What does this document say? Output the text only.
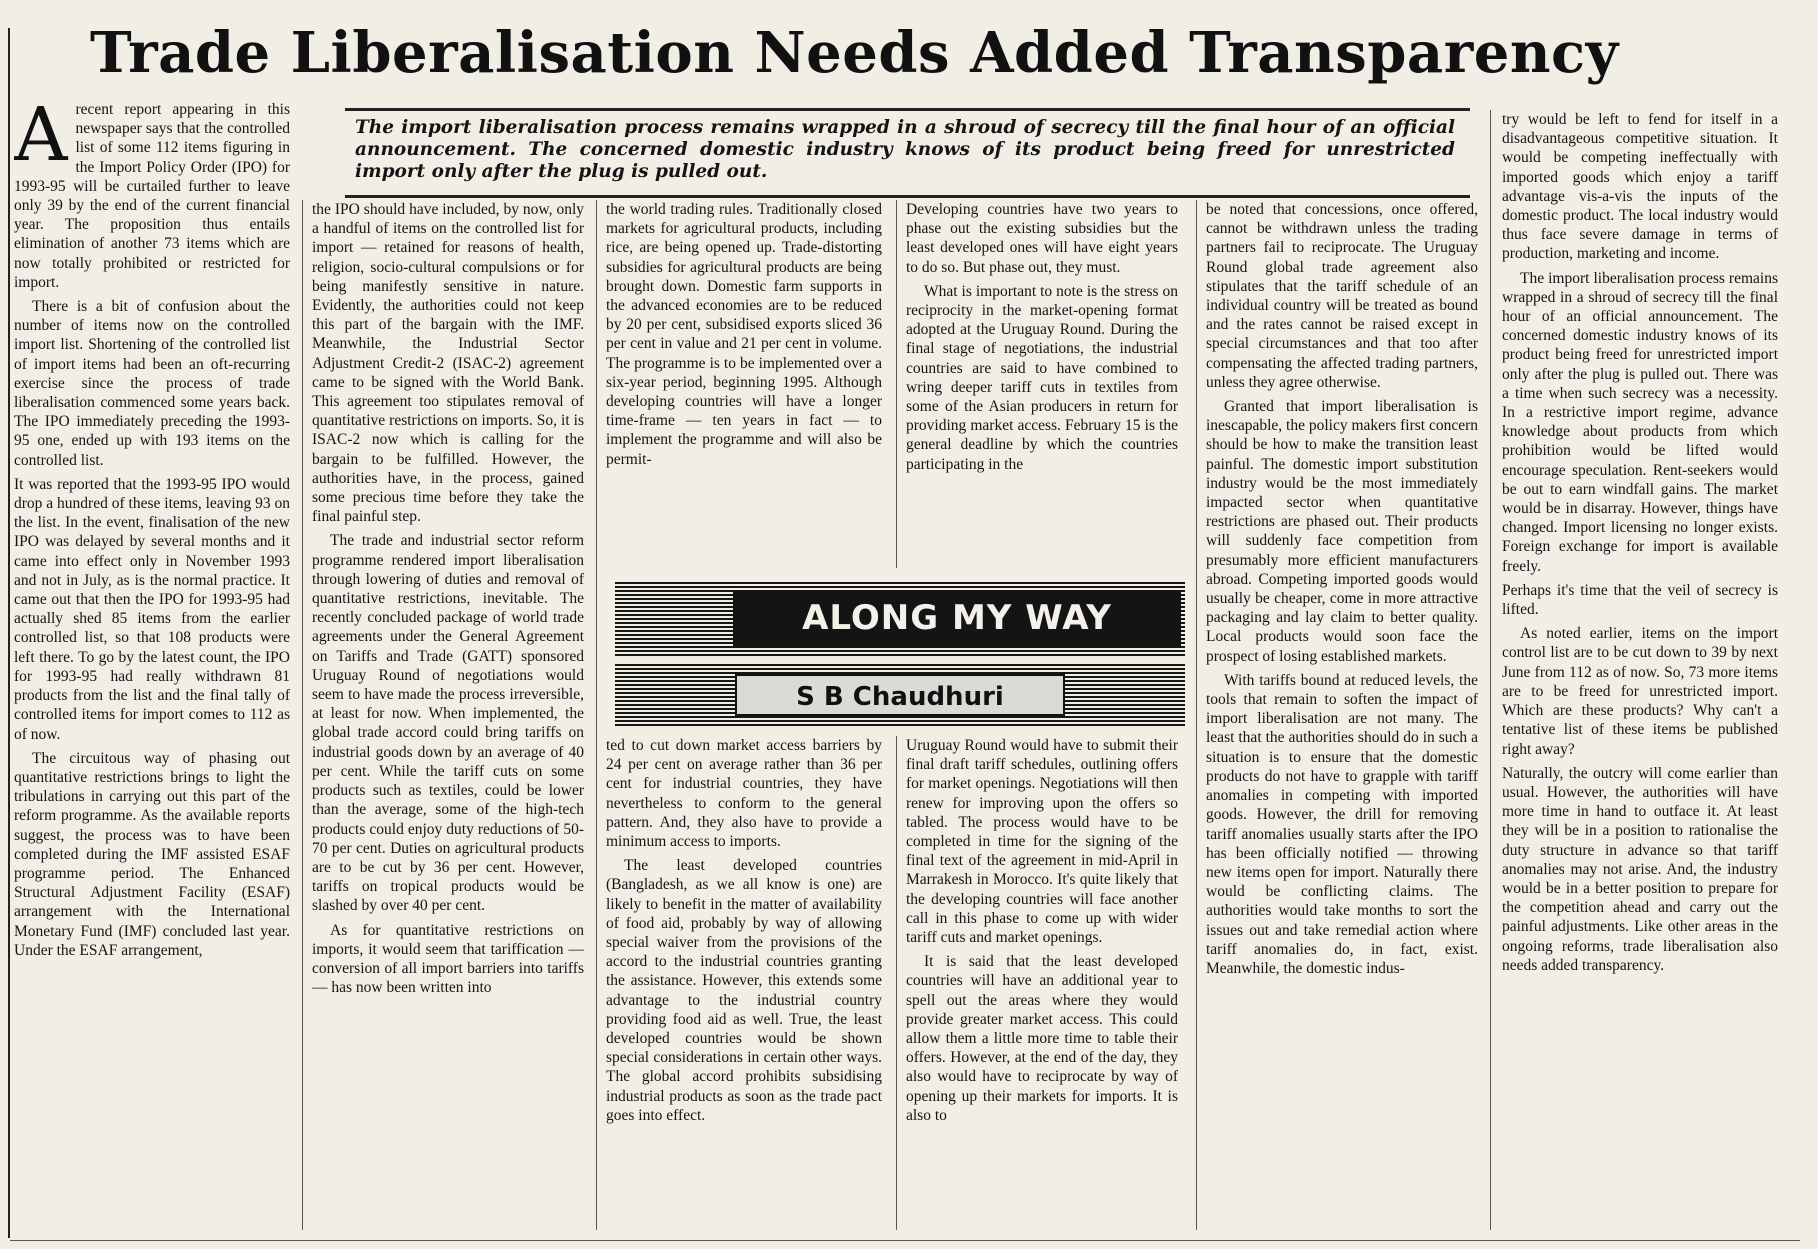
Trade Liberalisation Needs Added Transparency
A recent report appearing in this newspaper says that the controlled list of some 112 items figuring in the Import Policy Order (IPO) for 1993-95 will be curtailed further to leave only 39 by the end of the current financial year. The proposition thus entails elimination of another 73 items which are now totally prohibited or restricted for import.

There is a bit of confusion about the number of items now on the controlled import list. Shortening of the controlled list of import items had been an oft-recurring exercise since the process of trade liberalisation commenced some years back. The IPO immediately preceding the 1993-95 one, ended up with 193 items on the controlled list.

It was reported that the 1993-95 IPO would drop a hundred of these items, leaving 93 on the list. In the event, finalisation of the new IPO was delayed by several months and it came into effect only in November 1993 and not in July, as is the normal practice. It came out that then the IPO for 1993-95 had actually shed 85 items from the earlier controlled list, so that 108 products were left there. To go by the latest count, the IPO for 1993-95 had really withdrawn 81 products from the list and the final tally of controlled items for import comes to 112 as of now.

The circuitous way of phasing out quantitative restrictions brings to light the tribulations in carrying out this part of the reform programme. As the available reports suggest, the process was to have been completed during the IMF assisted ESAF programme period. The Enhanced Structural Adjustment Facility (ESAF) arrangement with the International Monetary Fund (IMF) concluded last year. Under the ESAF arrangement,

The import liberalisation process remains wrapped in a shroud of secrecy till the final hour of an official announcement. The concerned domestic industry knows of its product being freed for unrestricted import only after the plug is pulled out.

the IPO should have included, by now, only a handful of items on the controlled list for import — retained for reasons of health, religion, socio-cultural compulsions or for being manifestly sensitive in nature. Evidently, the authorities could not keep this part of the bargain with the IMF. Meanwhile, the Industrial Sector Adjustment Credit-2 (ISAC-2) agreement came to be signed with the World Bank. This agreement too stipulates removal of quantitative restrictions on imports. So, it is ISAC-2 now which is calling for the bargain to be fulfilled. However, the authorities have, in the process, gained some precious time before they take the final painful step.

The trade and industrial sector reform programme rendered import liberalisation through lowering of duties and removal of quantitative restrictions, inevitable. The recently concluded package of world trade agreements under the General Agreement on Tariffs and Trade (GATT) sponsored Uruguay Round of negotiations would seem to have made the process irreversible, at least for now. When implemented, the global trade accord could bring tariffs on industrial goods down by an average of 40 per cent. While the tariff cuts on some products such as textiles, could be lower than the average, some of the high-tech products could enjoy duty reductions of 50-70 per cent. Duties on agricultural products are to be cut by 36 per cent. However, tariffs on tropical products would be slashed by over 40 per cent.

As for quantitative restrictions on imports, it would seem that tariffication — conversion of all import barriers into tariffs — has now been written into

the world trading rules. Traditionally closed markets for agricultural products, including rice, are being opened up. Trade-distorting subsidies for agricultural products are being brought down. Domestic farm supports in the advanced economies are to be reduced by 20 per cent, subsidised exports sliced 36 per cent in value and 21 per cent in volume. The programme is to be implemented over a six-year period, beginning 1995. Although developing countries will have a longer time-frame — ten years in fact — to implement the programme and will also be permit-

Developing countries have two years to phase out the existing subsidies but the least developed ones will have eight years to do so. But phase out, they must.

What is important to note is the stress on reciprocity in the market-opening format adopted at the Uruguay Round. During the final stage of negotiations, the industrial countries are said to have combined to wring deeper tariff cuts in textiles from some of the Asian producers in return for providing market access. February 15 is the general deadline by which the countries participating in the

ALONG MY WAY
S B Chaudhuri

ted to cut down market access barriers by 24 per cent on average rather than 36 per cent for industrial countries, they have nevertheless to conform to the general pattern. And, they also have to provide a minimum access to imports.

The least developed countries (Bangladesh, as we all know is one) are likely to benefit in the matter of availability of food aid, probably by way of allowing special waiver from the provisions of the accord to the industrial countries granting the assistance. However, this extends some advantage to the industrial country providing food aid as well. True, the least developed countries would be shown special considerations in certain other ways. The global accord prohibits subsidising industrial products as soon as the trade pact goes into effect.

Uruguay Round would have to submit their final draft tariff schedules, outlining offers for market openings. Negotiations will then renew for improving upon the offers so tabled. The process would have to be completed in time for the signing of the final text of the agreement in mid-April in Marrakesh in Morocco. It's quite likely that the developing countries will face another call in this phase to come up with wider tariff cuts and market openings.

It is said that the least developed countries will have an additional year to spell out the areas where they would provide greater market access. This could allow them a little more time to table their offers. However, at the end of the day, they also would have to reciprocate by way of opening up their markets for imports. It is also to

be noted that concessions, once offered, cannot be withdrawn unless the trading partners fail to reciprocate. The Uruguay Round global trade agreement also stipulates that the tariff schedule of an individual country will be treated as bound and the rates cannot be raised except in special circumstances and that too after compensating the affected trading partners, unless they agree otherwise.

Granted that import liberalisation is inescapable, the policy makers first concern should be how to make the transition least painful. The domestic import substitution industry would be the most immediately impacted sector when quantitative restrictions are phased out. Their products will suddenly face competition from presumably more efficient manufacturers abroad. Competing imported goods would usually be cheaper, come in more attractive packaging and lay claim to better quality. Local products would soon face the prospect of losing established markets.

With tariffs bound at reduced levels, the tools that remain to soften the impact of import liberalisation are not many. The least that the authorities should do in such a situation is to ensure that the domestic products do not have to grapple with tariff anomalies in competing with imported goods. However, the drill for removing tariff anomalies usually starts after the IPO has been officially notified — throwing new items open for import. Naturally there would be conflicting claims. The authorities would take months to sort the issues out and take remedial action where tariff anomalies do, in fact, exist. Meanwhile, the domestic indus-

try would be left to fend for itself in a disadvantageous competitive situation. It would be competing ineffectually with imported goods which enjoy a tariff advantage vis-a-vis the inputs of the domestic product. The local industry would thus face severe damage in terms of production, marketing and income.

The import liberalisation process remains wrapped in a shroud of secrecy till the final hour of an official announcement. The concerned domestic industry knows of its product being freed for unrestricted import only after the plug is pulled out. There was a time when such secrecy was a necessity. In a restrictive import regime, advance knowledge about products from which prohibition would be lifted would encourage speculation. Rent-seekers would be out to earn windfall gains. The market would be in disarray. However, things have changed. Import licensing no longer exists. Foreign exchange for import is available freely.

Perhaps it's time that the veil of secrecy is lifted.

As noted earlier, items on the import control list are to be cut down to 39 by next June from 112 as of now. So, 73 more items are to be freed for unrestricted import. Which are these products? Why can't a tentative list of these items be published right away?

Naturally, the outcry will come earlier than usual. However, the authorities will have more time in hand to outface it. At least they will be in a position to rationalise the duty structure in advance so that tariff anomalies may not arise. And, the industry would be in a better position to prepare for the competition ahead and carry out the painful adjustments. Like other areas in the ongoing reforms, trade liberalisation also needs added transparency.
